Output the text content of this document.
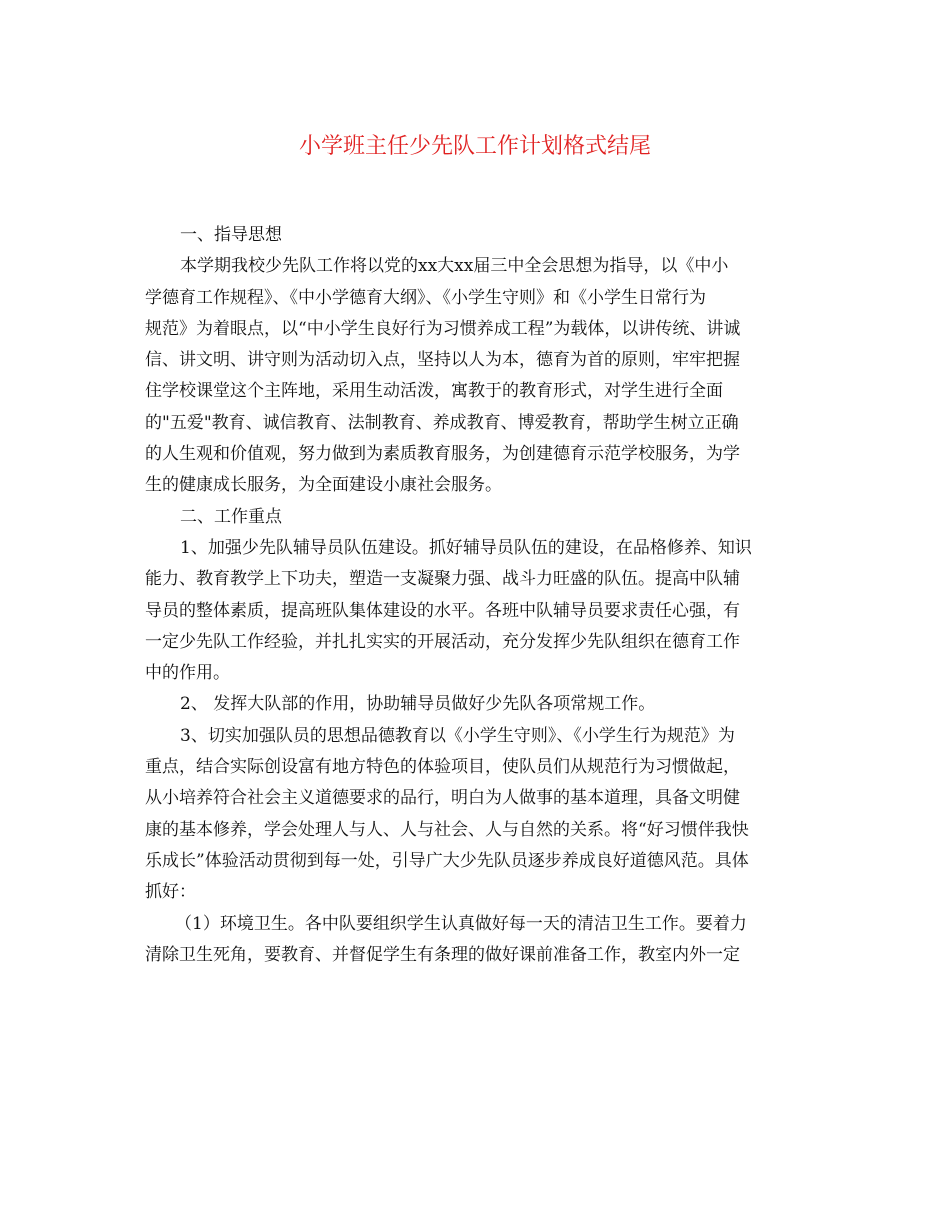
小学班主任少先队工作计划格式结尾
一、指导思想
本学期我校少先队工作将以党的xx大xx届三中全会思想为指导，以《中小
学德育工作规程》、《中小学德育大纲》、《小学生守则》和《小学生日常行为
规范》为着眼点，以“中小学生良好行为习惯养成工程”为载体，以讲传统、讲诚
信、讲文明、讲守则为活动切入点，坚持以人为本，德育为首的原则，牢牢把握
住学校课堂这个主阵地，采用生动活泼，寓教于的教育形式，对学生进行全面
的"五爱"教育、诚信教育、法制教育、养成教育、博爱教育，帮助学生树立正确
的人生观和价值观，努力做到为素质教育服务，为创建德育示范学校服务，为学
生的健康成长服务，为全面建设小康社会服务。
二、工作重点
1、加强少先队辅导员队伍建设。抓好辅导员队伍的建设，在品格修养、知识
能力、教育教学上下功夫，塑造一支凝聚力强、战斗力旺盛的队伍。提高中队辅
导员的整体素质，提高班队集体建设的水平。各班中队辅导员要求责任心强，有
一定少先队工作经验，并扎扎实实的开展活动，充分发挥少先队组织在德育工作
中的作用。
2、 发挥大队部的作用，协助辅导员做好少先队各项常规工作。
3、切实加强队员的思想品德教育以《小学生守则》、《小学生行为规范》为
重点，结合实际创设富有地方特色的体验项目，使队员们从规范行为习惯做起，
从小培养符合社会主义道德要求的品行，明白为人做事的基本道理，具备文明健
康的基本修养，学会处理人与人、人与社会、人与自然的关系。将“好习惯伴我快
乐成长”体验活动贯彻到每一处，引导广大少先队员逐步养成良好道德风范。具体
抓好：
（1）环境卫生。各中队要组织学生认真做好每一天的清洁卫生工作。要着力
清除卫生死角，要教育、并督促学生有条理的做好课前准备工作，教室内外一定
